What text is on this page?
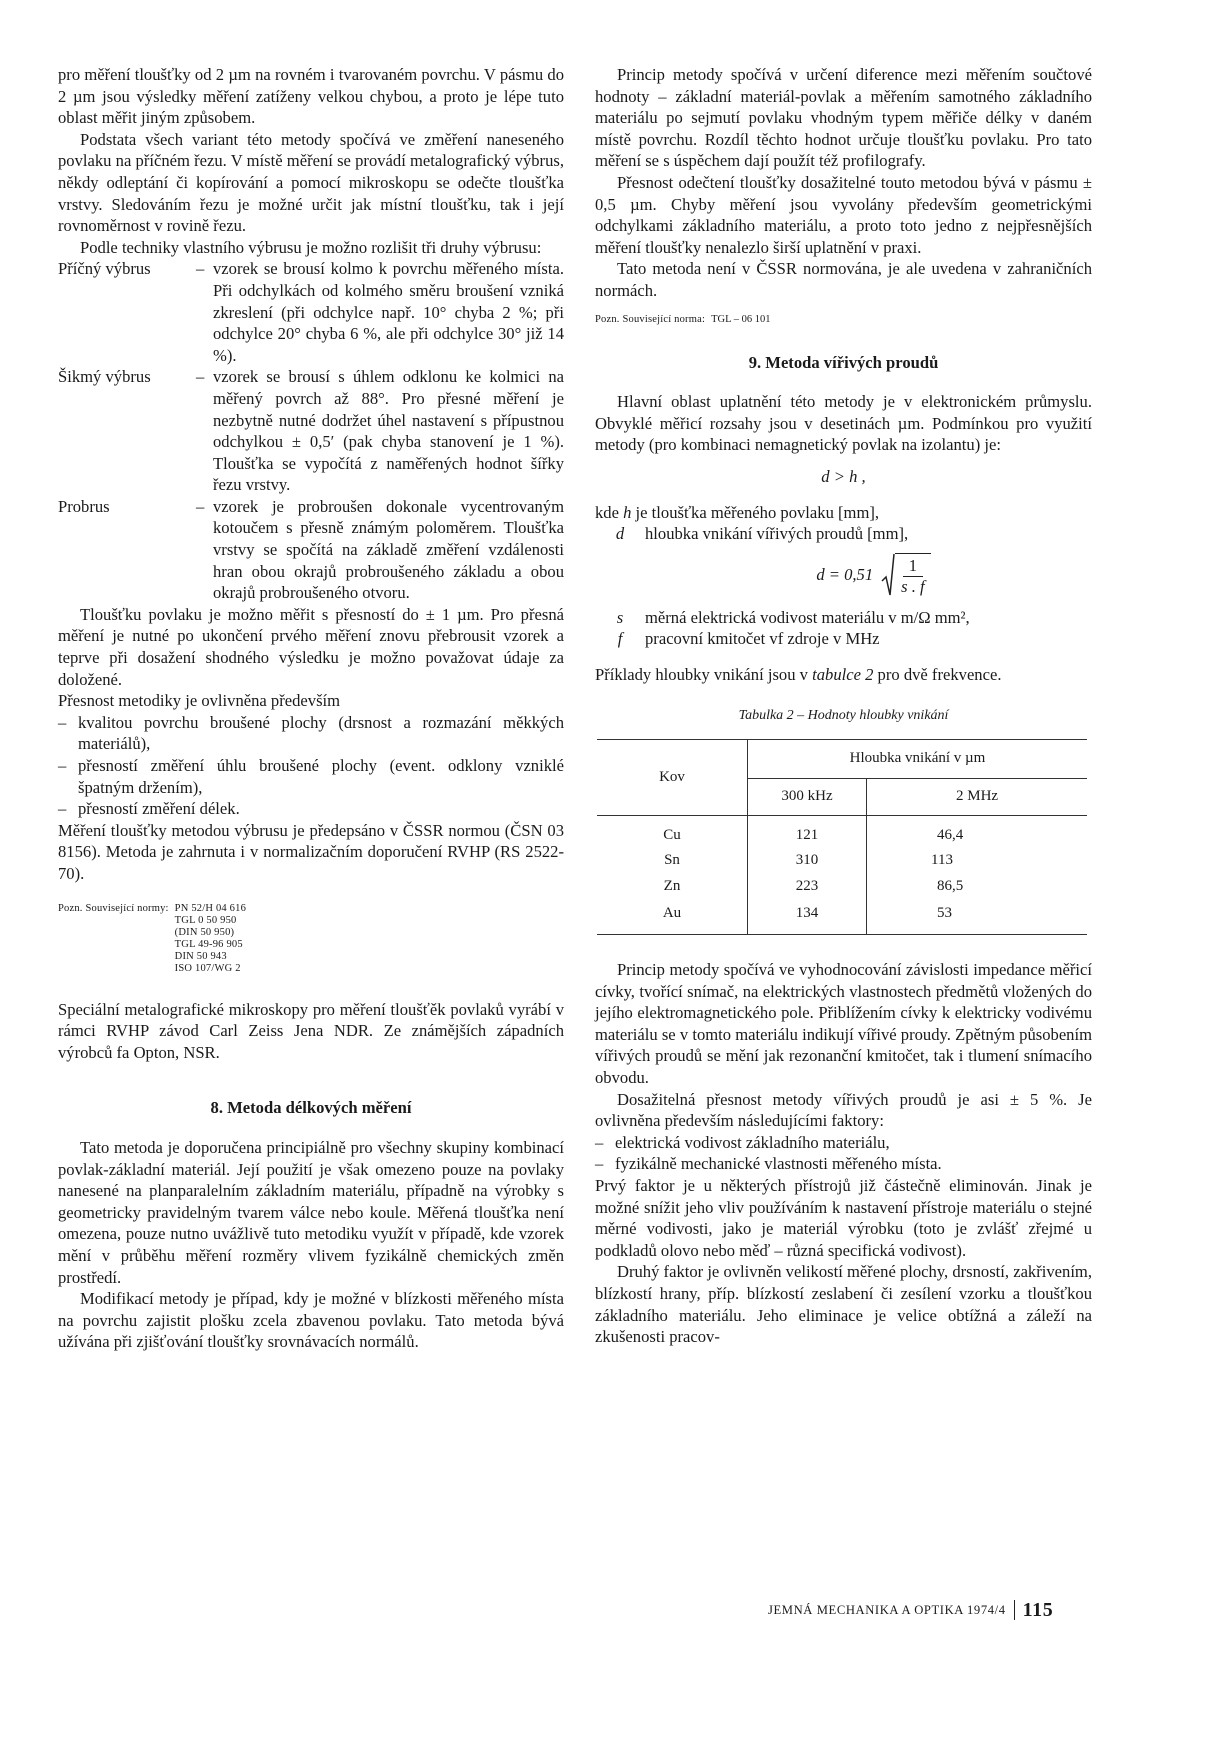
pro měření tloušťky od 2 µm na rovném i tvarovaném povrchu. V pásmu do 2 µm jsou výsledky měření zatíženy velkou chybou, a proto je lépe tuto oblast měřit jiným způsobem.

Podstata všech variant této metody spočívá ve změření naneseného povlaku na příčném řezu. V místě měření se provádí metalografický výbrus, někdy odleptání či kopírování a pomocí mikroskopu se odečte tloušťka vrstvy. Sledováním řezu je možné určit jak místní tloušťku, tak i její rovnoměrnost v rovině řezu.

Podle techniky vlastního výbrusu je možno rozlišit tři druhy výbrusu:

Příčný výbrus	– vzorek se brousí kolmo k povrchu měřeného místa. Při odchylkách od kolmého směru broušení vzniká zkreslení (při odchylce např. 10° chyba 2 %; při odchylce 20° chyba 6 %, ale při odchylce 30° již 14 %).
Šikmý výbrus	– vzorek se brousí s úhlem odklonu ke kolmici na měřený povrch až 88°. Pro přesné měření je nezbytně nutné dodržet úhel nastavení s přípustnou odchylkou ± 0,5′ (pak chyba stanovení je 1 %). Tloušťka se vypočítá z naměřených hodnot šířky řezu vrstvy.
Probrus	– vzorek je probroušen dokonale vycentrovaným kotoučem s přesně známým poloměrem. Tloušťka vrstvy se spočítá na základě změření vzdálenosti hran obou okrajů probroušeného základu a obou okrajů probroušeného otvoru.

Tloušťku povlaku je možno měřit s přesností do ± 1 µm. Pro přesná měření je nutné po ukončení prvého měření znovu přebrousit vzorek a teprve při dosažení shodného výsledku je možno považovat údaje za doložené.

Přesnost metodiky je ovlivněna především

– kvalitou povrchu broušené plochy (drsnost a rozmazání měkkých materiálů),
– přesností změření úhlu broušené plochy (event. odklony vzniklé špatným držením),
– přesností změření délek.

Měření tloušťky metodou výbrusu je předepsáno v ČSSR normou (ČSN 03 8156). Metoda je zahrnuta i v normalizačním doporučení RVHP (RS 2522-70).

Pozn. Související normy: PN 52/H 04 616
TGL 0 50 950
(DIN 50 950)
TGL 49-96 905
DIN 50 943
ISO 107/WG 2

Speciální metalografické mikroskopy pro měření tloušťěk povlaků vyrábí v rámci RVHP závod Carl Zeiss Jena NDR. Ze známějších západních výrobců fa Opton, NSR.

8. Metoda délkových měření

Tato metoda je doporučena principiálně pro všechny skupiny kombinací povlak-základní materiál. Její použití je však omezeno pouze na povlaky nanesené na planparalelním základním materiálu, případně na výrobky s geometricky pravidelným tvarem válce nebo koule. Měřená tloušťka není omezena, pouze nutno uvážlivě tuto metodiku využít v případě, kde vzorek mění v průběhu měření rozměry vlivem fyzikálně chemických změn prostředí.

Modifikací metody je případ, kdy je možné v blízkosti měřeného místa na povrchu zajistit plošku zcela zbavenou povlaku. Tato metoda bývá užívána při zjišťování tloušťky srovnávacích normálů.

Princip metody spočívá v určení diference mezi měřením součtové hodnoty – základní materiál-povlak a měřením samotného základního materiálu po sejmutí povlaku vhodným typem měřiče délky v daném místě povrchu. Rozdíl těchto hodnot určuje tloušťku povlaku. Pro tato měření se s úspěchem dají použít též profilografy.

Přesnost odečtení tloušťky dosažitelné touto metodou bývá v pásmu ± 0,5 µm. Chyby měření jsou vyvolány především geometrickými odchylkami základního materiálu, a proto toto jedno z nejpřesnějších měření tloušťky nenalezlo širší uplatnění v praxi.

Tato metoda není v ČSSR normována, je ale uvedena v zahraničních normách.

Pozn. Související norma: TGL – 06 101
9. Metoda vířivých proudů

Hlavní oblast uplatnění této metody je v elektronickém průmyslu. Obvyklé měřicí rozsahy jsou v desetinách µm. Podmínkou pro využití metody (pro kombinaci nemagnetický povlak na izolantu) je:

d > h ,
kde h je tloušťka měřeného povlaku [mm],
d	hloubka vnikání vířivých proudů [mm],
$d = 0,51 \frac{1}{s . f}$
s	měrná elektrická vodivost materiálu v m/Ω mm²,
f	pracovní kmitočet vf zdroje v MHz

Příklady hloubky vnikání jsou v tabulce 2 pro dvě frekvence.

Tabulka 2 – Hodnoty hloubky vnikání
Kov	Hloubka vnikání v µm	
	300 kHz	2 MHz
Cu	121	46,4
Sn	310	113
Zn	223	86,5
Au	134	53

Princip metody spočívá ve vyhodnocování závislosti impedance měřicí cívky, tvořící snímač, na elektrických vlastnostech předmětů vložených do jejího elektromagnetického pole. Přiblížením cívky k elektricky vodivému materiálu se v tomto materiálu indikují vířivé proudy. Zpětným působením vířivých proudů se mění jak rezonanční kmitočet, tak i tlumení snímacího obvodu.

Dosažitelná přesnost metody vířivých proudů je asi ± 5 %. Je ovlivněna především následujícími faktory:

– elektrická vodivost základního materiálu,
– fyzikálně mechanické vlastnosti měřeného místa.

Prvý faktor je u některých přístrojů již částečně eliminován. Jinak je možné snížit jeho vliv používáním k nastavení přístroje materiálu o stejné měrné vodivosti, jako je materiál výrobku (toto je zvlášť zřejmé u podkladů olovo nebo měď – různá specifická vodivost).

Druhý faktor je ovlivněn velikostí měřené plochy, drsností, zakřivením, blízkostí hrany, příp. blízkostí zeslabení či zesílení vzorku a tloušťkou základního materiálu. Jeho eliminace je velice obtížná a záleží na zkušenosti pracov-

JEMNÁ MECHANIKA A OPTIKA 1974/4 115
